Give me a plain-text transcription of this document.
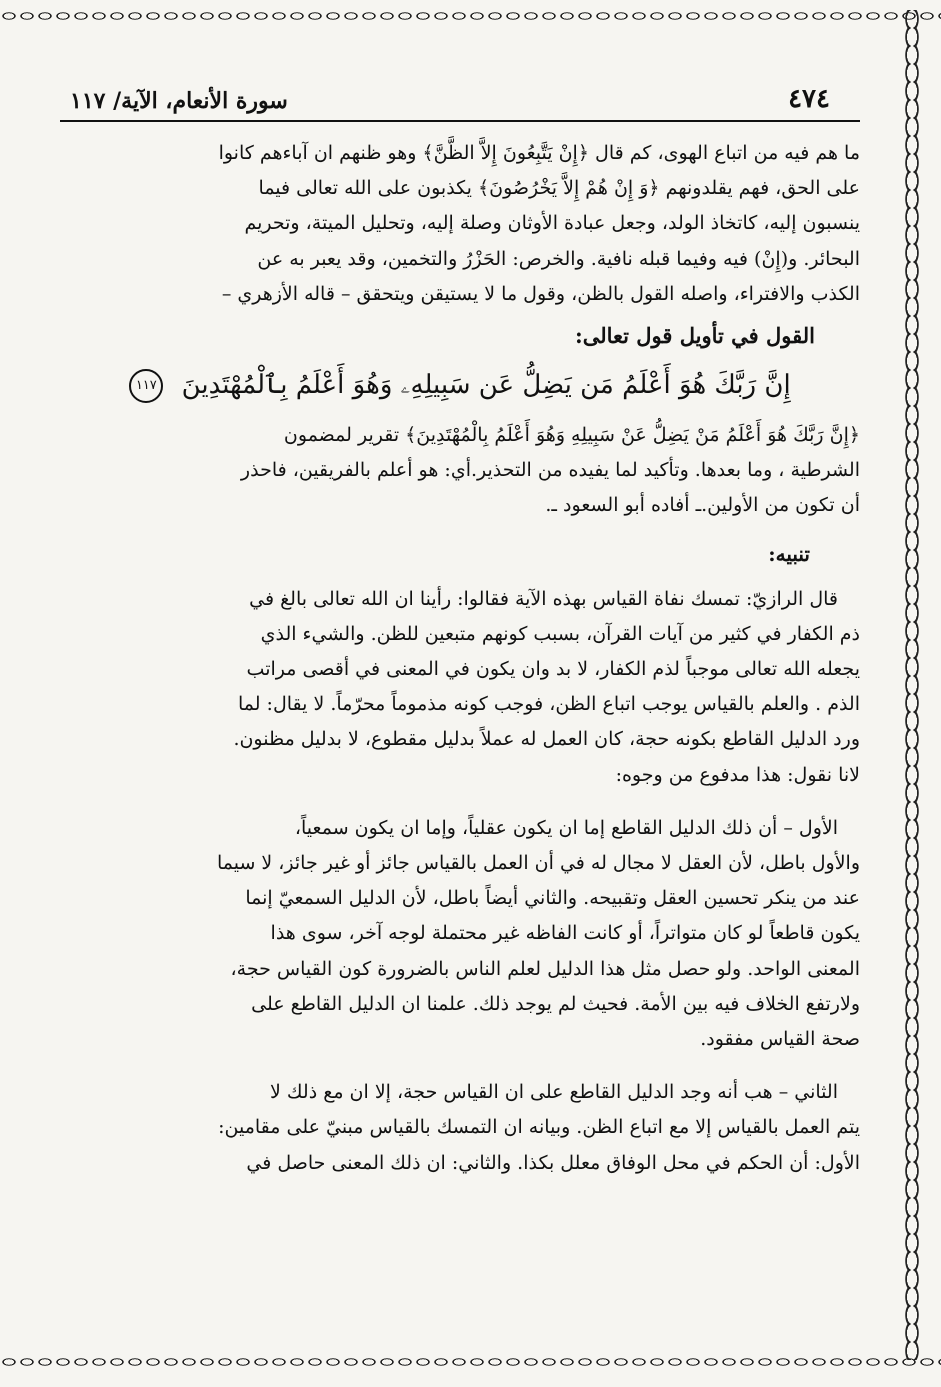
٤٧٤
سورة الأنعام، الآية/ ١١٧

ما هم فيه من اتباع الهوى، كم قال ﴿إِنْ يَتَّبِعُونَ إِلاَّ الظَّنَّ﴾ وهو ظنهم ان آباءهم كانوا

على الحق، فهم يقلدونهم ﴿وَ إِنْ هُمْ إِلاَّ يَخْرُصُونَ﴾ يكذبون على الله تعالى فيما

ينسبون إليه، كاتخاذ الولد، وجعل عبادة الأوثان وصلة إليه، وتحليل الميتة، وتحريم

البحائر. و(إِنْ) فيه وفيما قبله نافية. والخرص: الحَزْرُ والتخمين، وقد يعبر به عن

الكذب والافتراء، واصله القول بالظن، وقول ما لا يستيقن ويتحقق – قاله الأزهري –

القول في تأويل قول تعالى:
إِنَّ رَبَّكَ هُوَ أَعْلَمُ مَن يَضِلُّ عَن سَبِيلِهِۦ وَهُوَ أَعْلَمُ بِٱلْمُهْتَدِينَ ١١٧

﴿إِنَّ رَبَّكَ هُوَ أَعْلَمُ مَنْ يَضِلُّ عَنْ سَبِيلِهِ وَهُوَ أَعْلَمُ بِالْمُهْتَدِينَ﴾ تقرير لمضمون

الشرطية ، وما بعدها. وتأكيد لما يفيده من التحذير.أي: هو أعلم بالفريقين، فاحذر

أن تكون من الأولين.ـ أفاده أبو السعود ـ.

تنبيه:

قال الرازيّ: تمسك نفاة القياس بهذه الآية فقالوا: رأينا ان الله تعالى بالغ في

ذم الكفار في كثير من آيات القرآن، بسبب كونهم متبعين للظن. والشيء الذي

يجعله الله تعالى موجباً لذم الكفار، لا بد وان يكون في المعنى في أقصى مراتب

الذم . والعلم بالقياس يوجب اتباع الظن، فوجب كونه مذموماً محرّماً. لا يقال: لما

ورد الدليل القاطع بكونه حجة، كان العمل له عملاً بدليل مقطوع، لا بدليل مظنون.

لانا نقول: هذا مدفوع من وجوه:

الأول – أن ذلك الدليل القاطع إما ان يكون عقلياً، وإما ان يكون سمعياً،

والأول باطل، لأن العقل لا مجال له في أن العمل بالقياس جائز أو غير جائز، لا سيما

عند من ينكر تحسين العقل وتقبيحه. والثاني أيضاً باطل، لأن الدليل السمعيّ إنما

يكون قاطعاً لو كان متواتراً، أو كانت الفاظه غير محتملة لوجه آخر، سوى هذا

المعنى الواحد. ولو حصل مثل هذا الدليل لعلم الناس بالضرورة كون القياس حجة،

ولارتفع الخلاف فيه بين الأمة. فحيث لم يوجد ذلك. علمنا ان الدليل القاطع على

صحة القياس مفقود.

الثاني – هب أنه وجد الدليل القاطع على ان القياس حجة، إلا ان مع ذلك لا

يتم العمل بالقياس إلا مع اتباع الظن. وبيانه ان التمسك بالقياس مبنيّ على مقامين:

الأول: أن الحكم في محل الوفاق معلل بكذا. والثاني: ان ذلك المعنى حاصل في
